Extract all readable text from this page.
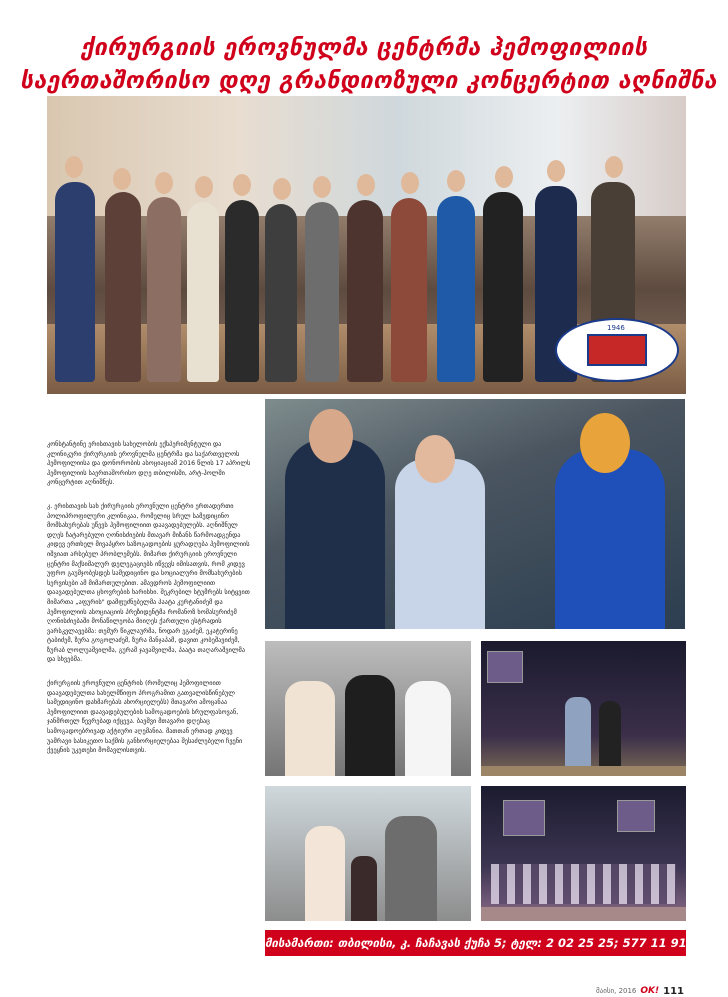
ქირურგიის ეროვნულმა ცენტრმა ჰემოფილიის
საერთაშორისო დღე გრანდიოზული კონცერტით აღნიშნა
1946

კონსტანტინე ერისთავის სახელობის ექსპერიმენტული და კლინიკური ქირურგიის ეროვნულმა ცენტრმა და საქართველოს ჰემოფილიისა და დონორობის ასოციაციამ 2016 წლის 17 აპრილს ჰემოფილიის საერთაშორისო დღე თბილისში, არტ-ჰოლში კონცერტით აღნიშნეს.

კ. ერისთავის სახ ქირურგიის ეროვნული ცენტრი ერთადერთი პოლიპროფილური კლინიკაა, რომელიც სრულ სამედიცინო მომსახურებას უწევს ჰემოფილიით დაავადებულებს. აღნიშნულ დღეს ჩატარებული ღონისძიების მთავარ მიზანს წარმოადგენდა კიდევ ერთხელ მივაპყრო საზოგადოების ყურადღება ჰემოფილიის იშვიათ არსებულ პრობლემებს. მიმართ ქირურგიის ეროვნული ცენტრი მაქსიმალურ დელეგაციებს იწვევს იმისათვის, რომ კიდევ უფრო გაუმჯობესდეს სამედიცინო და სოციალური მომსახურების სერვისები ამ მიმართულებით. ამავდროს ჰემოფილიით დაავადებულთა ცხოვრების ხარისხი. შეკრებილ სტუმრებს სიტყვით მიმართა „აფურის" დამფუძნებელმა პაატა კურტანიძემ და ჰემოფილიის ასოციაციის პრეზიდენტმა რომანოზ ხომასურიძემ ღონისძიებაში მონაწილეობა მიიღეს ქართული ესტრადის ვარსკვლავებმა: თემურ წიკლაურმა, ნოდარ ეგაძემ, ეკატერინე ტაბიძემ, ზურა გოგოლაძემ, ზურა მანჯაპამ, დავით კობეშავიძემ, ზურაბ ლოლუაშვილმა, გურამ ჯავაშვილმა, პაატა თაღარაშვილმა და სხვებმა.

ქირურგიის ეროვნული ცენტრის (რომელიც ჰემოფილიით დაავადებულთა სახელმწიფო პროგრამით გათვალისწინებულ სამედიცინო დახმარებას ახორციელებს) მთავარი ამოცანაა ჰემოფილიით დაავადებულების სამოგადოების სრულფასოვან, ჯანმრთელ წევრებად იქცევა. ბავშვი მთავარი დღესაც სამოგადოებრივად აქტიური აღემანია. მათთან ერთად კიდევ უამრავი სასიკეთო საქმის განხორციელებაა შესაძლებელი ჩვენი ქვეყნის უკეთესი მომავლისთვის.

მისამართი: თბილისი, კ. ჩაჩავას ქუჩა 5; ტელ: 2 02 25 25; 577 11 91 19
მაისი, 2016 OK! 111
